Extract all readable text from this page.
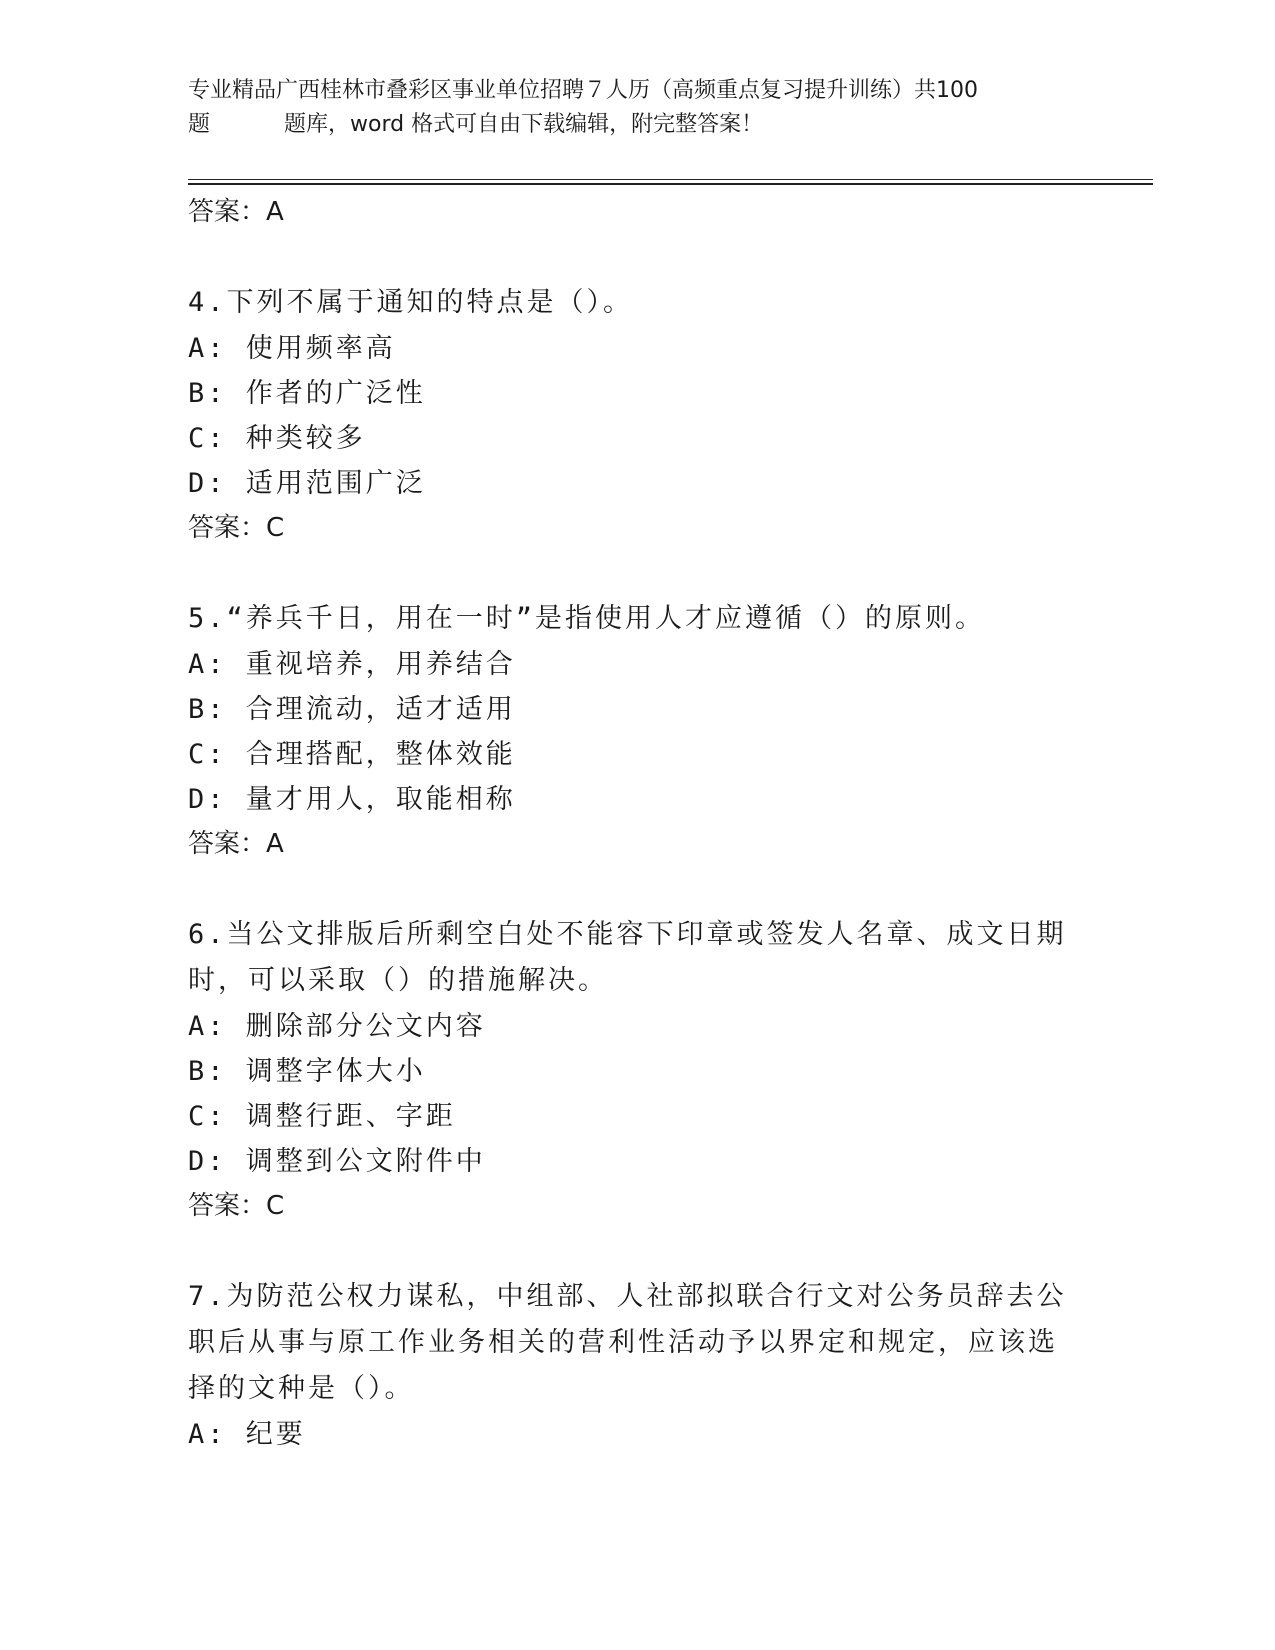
专业精品广西桂林市叠彩区事业单位招聘７人历（高频重点复习提升训练）共100
题	题库，word 格式可自由下载编辑，附完整答案！
答案：A
4.下列不属于通知的特点是（）。
A: 使用频率高
B: 作者的广泛性
C: 种类较多
D: 适用范围广泛
答案：C
5.“养兵千日，用在一时”是指使用人才应遵循（）的原则。
A: 重视培养，用养结合
B: 合理流动，适才适用
C: 合理搭配，整体效能
D: 量才用人，取能相称
答案：A
6.当公文排版后所剩空白处不能容下印章或签发人名章、成文日期时，可以采取（）的措施解决。
A: 删除部分公文内容
B: 调整字体大小
C: 调整行距、字距
D: 调整到公文附件中
答案：C
7.为防范公权力谋私，中组部、人社部拟联合行文对公务员辞去公职后从事与原工作业务相关的营利性活动予以界定和规定，应该选择的文种是（）。
A: 纪要
